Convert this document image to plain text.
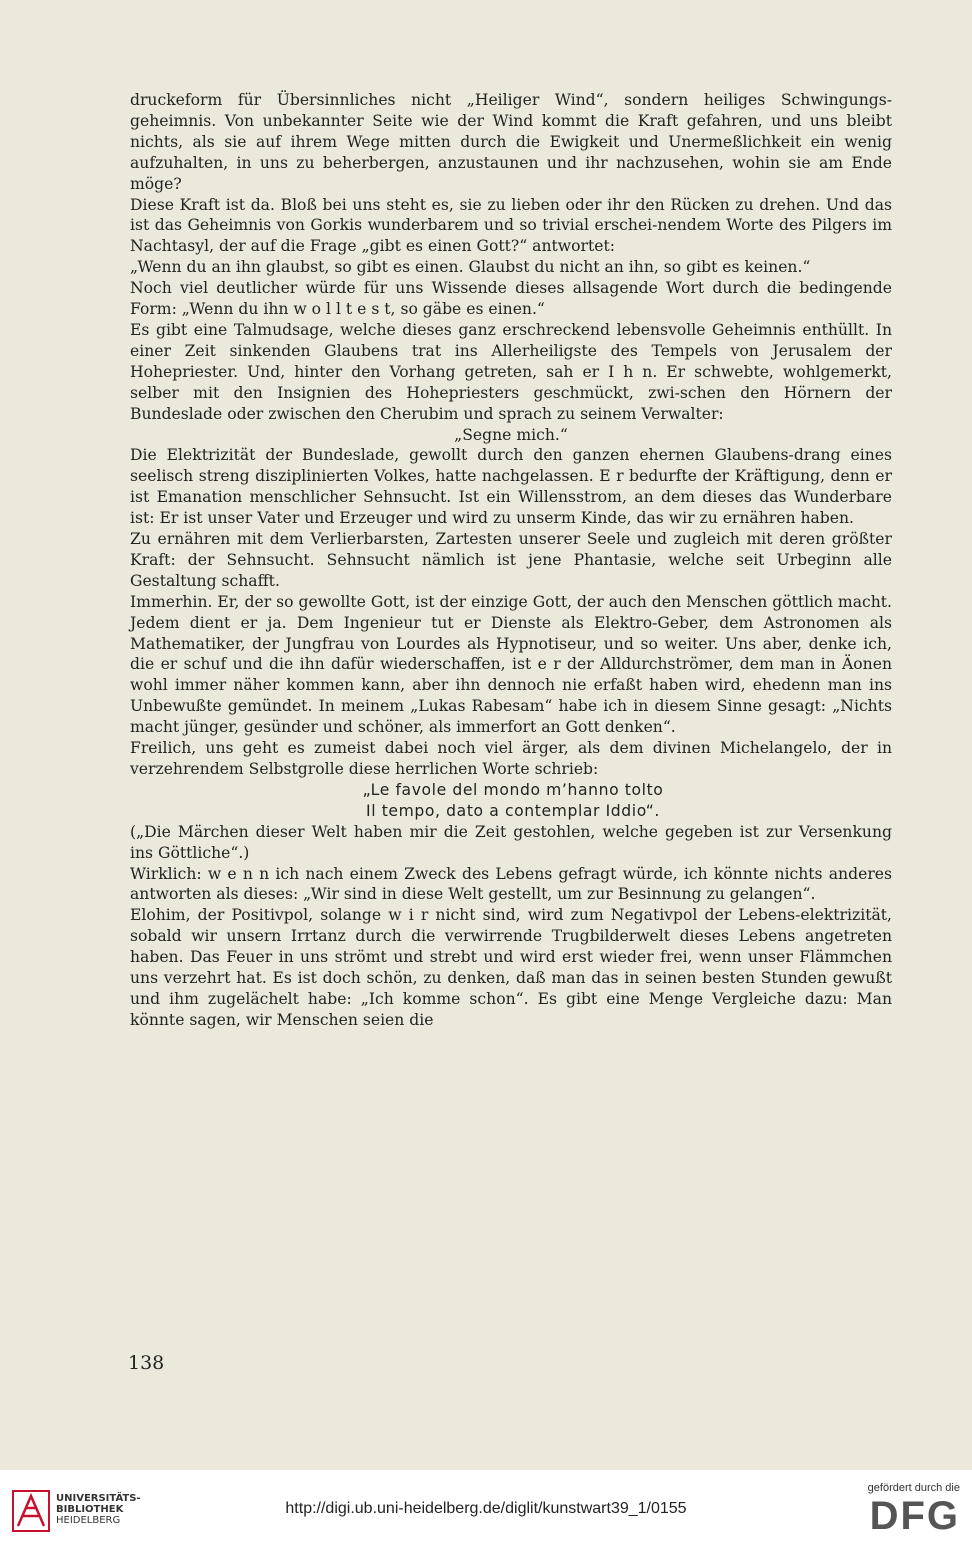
druckeform für Übersinnliches nicht „Heiliger Wind“, sondern heiliges Schwingungs-geheimnis. Von unbekannter Seite wie der Wind kommt die Kraft gefahren, und uns bleibt nichts, als sie auf ihrem Wege mitten durch die Ewigkeit und Unermeßlichkeit ein wenig aufzuhalten, in uns zu beherbergen, anzustaunen und ihr nachzusehen, wohin sie am Ende möge?

Diese Kraft ist da. Bloß bei uns steht es, sie zu lieben oder ihr den Rücken zu drehen. Und das ist das Geheimnis von Gorkis wunderbarem und so trivial erschei-nendem Worte des Pilgers im Nachtasyl, der auf die Frage „gibt es einen Gott?“ antwortet:

„Wenn du an ihn glaubst, so gibt es einen. Glaubst du nicht an ihn, so gibt es keinen.“

Noch viel deutlicher würde für uns Wissende dieses allsagende Wort durch die bedingende Form: „Wenn du ihn w o l l t e s t, so gäbe es einen.“

Es gibt eine Talmudsage, welche dieses ganz erschreckend lebensvolle Geheimnis enthüllt. In einer Zeit sinkenden Glaubens trat ins Allerheiligste des Tempels von Jerusalem der Hohepriester. Und, hinter den Vorhang getreten, sah er I h n. Er schwebte, wohlgemerkt, selber mit den Insignien des Hohepriesters geschmückt, zwi-schen den Hörnern der Bundeslade oder zwischen den Cherubim und sprach zu seinem Verwalter:

„Segne mich.“

Die Elektrizität der Bundeslade, gewollt durch den ganzen ehernen Glaubens-drang eines seelisch streng disziplinierten Volkes, hatte nachgelassen. E r bedurfte der Kräftigung, denn er ist Emanation menschlicher Sehnsucht. Ist ein Willensstrom, an dem dieses das Wunderbare ist: Er ist unser Vater und Erzeuger und wird zu unserm Kinde, das wir zu ernähren haben.

Zu ernähren mit dem Verlierbarsten, Zartesten unserer Seele und zugleich mit deren größter Kraft: der Sehnsucht. Sehnsucht nämlich ist jene Phantasie, welche seit Urbeginn alle Gestaltung schafft.

Immerhin. Er, der so gewollte Gott, ist der einzige Gott, der auch den Menschen göttlich macht. Jedem dient er ja. Dem Ingenieur tut er Dienste als Elektro-Geber, dem Astronomen als Mathematiker, der Jungfrau von Lourdes als Hypnotiseur, und so weiter. Uns aber, denke ich, die er schuf und die ihn dafür wiederschaffen, ist e r der Alldurchströmer, dem man in Äonen wohl immer näher kommen kann, aber ihn dennoch nie erfaßt haben wird, ehedenn man ins Unbewußte gemündet. In meinem „Lukas Rabesam“ habe ich in diesem Sinne gesagt: „Nichts macht jünger, gesünder und schöner, als immerfort an Gott denken“.

Freilich, uns geht es zumeist dabei noch viel ärger, als dem divinen Michelangelo, der in verzehrendem Selbstgrolle diese herrlichen Worte schrieb:

„Le favole del mondo m’hanno tolto

Il tempo, dato a contemplar Iddio“.

(„Die Märchen dieser Welt haben mir die Zeit gestohlen, welche gegeben ist zur Versenkung ins Göttliche“.)

Wirklich: w e n n ich nach einem Zweck des Lebens gefragt würde, ich könnte nichts anderes antworten als dieses: „Wir sind in diese Welt gestellt, um zur Besinnung zu gelangen“.

Elohim, der Positivpol, solange w i r nicht sind, wird zum Negativpol der Lebens-elektrizität, sobald wir unsern Irrtanz durch die verwirrende Trugbilderwelt dieses Lebens angetreten haben. Das Feuer in uns strömt und strebt und wird erst wieder frei, wenn unser Flämmchen uns verzehrt hat. Es ist doch schön, zu denken, daß man das in seinen besten Stunden gewußt und ihm zugelächelt habe: „Ich komme schon“. Es gibt eine Menge Vergleiche dazu: Man könnte sagen, wir Menschen seien die

138
UNIVERSITÄTS-
BIBLIOTHEK
HEIDELBERG
http://digi.ub.uni-heidelberg.de/diglit/kunstwart39_1/0155
gefördert durch die
DFG
